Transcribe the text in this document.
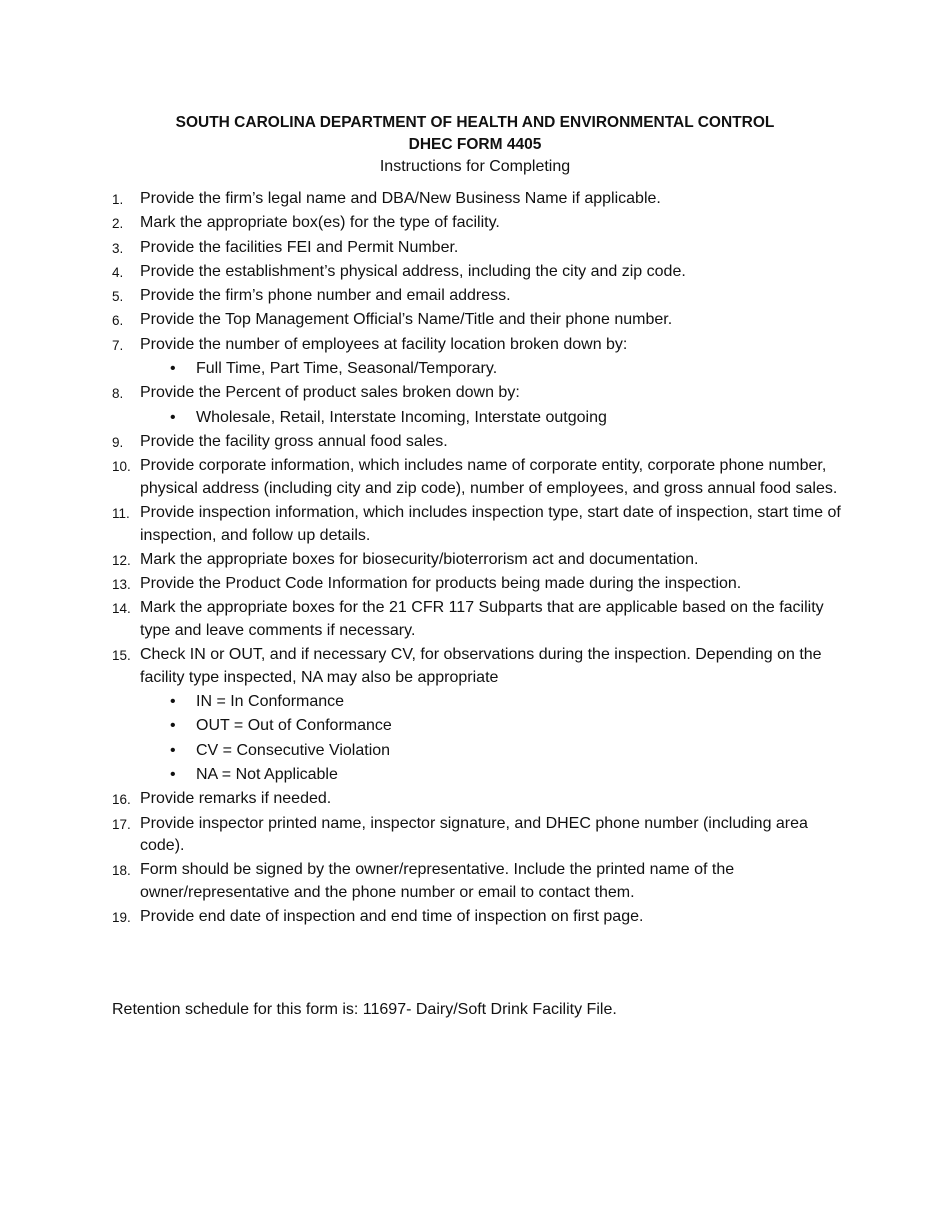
SOUTH CAROLINA DEPARTMENT OF HEALTH AND ENVIRONMENTAL CONTROL
DHEC FORM 4405
Instructions for Completing
1.	Provide the firm’s legal name and DBA/New Business Name if applicable.
2.	Mark the appropriate box(es) for the type of facility.
3.	Provide the facilities FEI and Permit Number.
4.	Provide the establishment’s physical address, including the city and zip code.
5.	Provide the firm’s phone number and email address.
6.	Provide the Top Management Official’s Name/Title and their phone number.
7.	Provide the number of employees at facility location broken down by:
• Full Time, Part Time, Seasonal/Temporary.
8.	Provide the Percent of product sales broken down by:
• Wholesale, Retail, Interstate Incoming, Interstate outgoing
9.	Provide the facility gross annual food sales.
10. Provide corporate information, which includes name of corporate entity, corporate phone number, physical address (including city and zip code), number of employees, and gross annual food sales.
11. Provide inspection information, which includes inspection type, start date of inspection, start time of inspection, and follow up details.
12. Mark the appropriate boxes for biosecurity/bioterrorism act and documentation.
13. Provide the Product Code Information for products being made during the inspection.
14. Mark the appropriate boxes for the 21 CFR 117 Subparts that are applicable based on the facility type and leave comments if necessary.
15. Check IN or OUT, and if necessary CV, for observations during the inspection. Depending on the facility type inspected, NA may also be appropriate
• IN = In Conformance
• OUT = Out of Conformance
• CV = Consecutive Violation
• NA = Not Applicable
16. Provide remarks if needed.
17. Provide inspector printed name, inspector signature, and DHEC phone number (including area code).
18. Form should be signed by the owner/representative. Include the printed name of the owner/representative and the phone number or email to contact them.
19. Provide end date of inspection and end time of inspection on first page.
Retention schedule for this form is: 11697- Dairy/Soft Drink Facility File.
